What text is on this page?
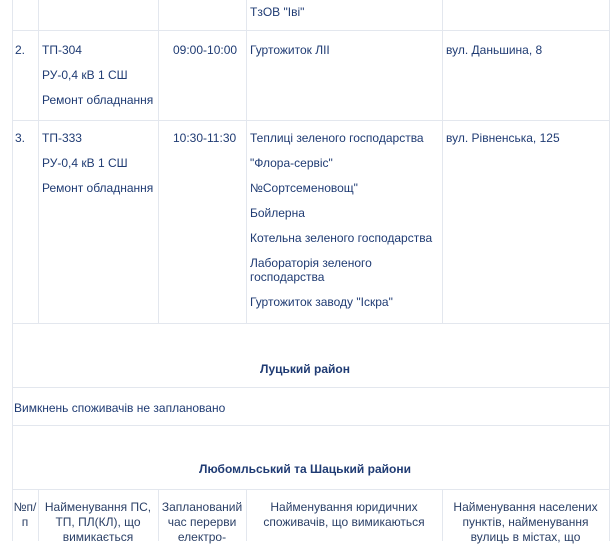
ТзОВ "Іві"
2. ТП-304
РУ-0,4 кВ 1 СШ
Ремонт обладнання
09:00-10:00 Гуртожиток ЛІІ	вул. Даньшина, 8
3. ТП-333
РУ-0,4 кВ 1 СШ
Ремонт обладнання
10:30-11:30 Теплиці зеленого господарства
"Флора-сервіс"
№Сортсеменовощ"
Бойлерна
Котельна зеленого господарства
Лабораторія зеленого
господарства
Гуртожиток заводу "Іскра"
вул. Рівненська, 125
Луцький район
Вимкнень споживачів не заплановано
Любомльський та Шацький райони
№п/
п
Найменування ПС,
ТП, ПЛ(КЛ), що
вимикається
Запланований
час перерви
електро-
Найменування юридичних
споживачів, що вимикаються
Найменування населених
пунктів, найменування
вулиць в містах, що
